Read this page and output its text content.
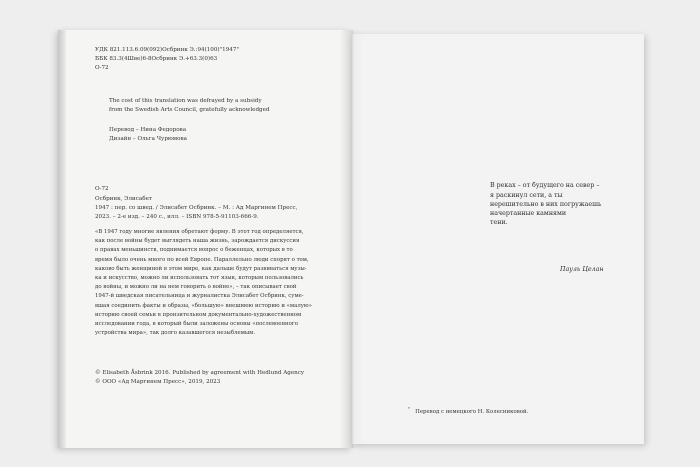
УДК 821.113.6.09(092)Осбринк Э.:94(100)"1947"
ББК 83.3(4Шве)6-8Осбринк Э.+63.3(0)63
О-72
The cost of this translation was defrayed by a subsidy
from the Swedish Arts Council, gratefully acknowledged
Перевод – Нина Федорова
Дизайн – Ольга Чурюмова
О-72
Осбринк, Элисабет
1947 : пер. со швед. / Элисабет Осбринк. – М. : Ад Маргинем Пресс,
2023. – 2-е изд. – 240 с., илл. – ISBN 978-5-91103-666-9.
«В 1947 году многие явления обретают форму. В этот год определяется,
как после войны будет выглядеть наша жизнь, зарождается дискуссия
о правах меньшинств, поднимается вопрос о беженцах, которых в то
время было очень много по всей Европе. Параллельно люди спорят о том,
каково быть женщиной в этом мире, как дальше будут развиваться музы-
ка и искусство, можно ли использовать тот язык, которым пользовались
до войны, и можно ли на нем говорить о войне», – так описывает свой
1947-й шведская писательница и журналистка Элисабет Осбринк, суме-
вшая соединить факты и образы, «большую» внешнюю историю и «малую»
историю своей семьи в пронзительном документально-художественном
исследовании года, в который были заложены основы «послевоенного
устройства мира», так долго казавшегося незыблемым.
© Elisabeth Åsbrink 2016. Published by agreement with Hedlund Agency
© ООО «Ад Маргинем Пресс», 2019, 2023
В реках – от будущего на север –
я раскинул сети, а ты
нерешительно в них погружаешь
начертанные камнями
тени.
Пауль Целан
*   Перевод с немецкого Н. Колесниковой.
